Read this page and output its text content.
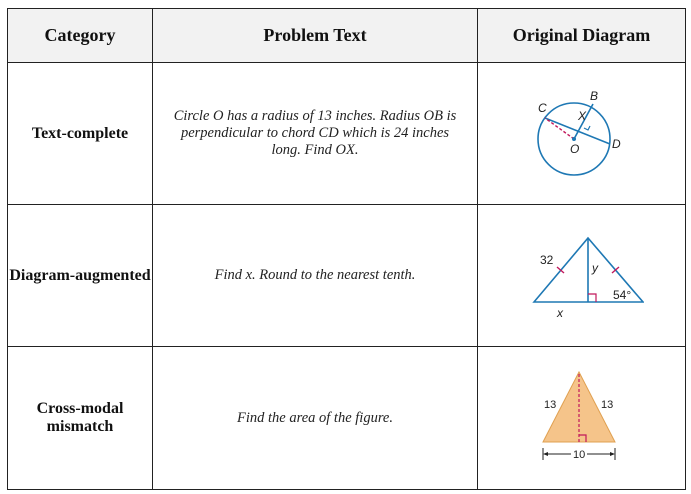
Category	Problem Text	Original Diagram
Text-complete	Circle O has a radius of 13 inches. Radius OB is perpendicular to chord CD which is 24 inches long. Find OX.	C
B
X
O D

Diagram-augmented	Find x. Round to the nearest tenth.	32
y
x
54°

Cross-modal mismatch	Find the area of the figure.	13 13
10
